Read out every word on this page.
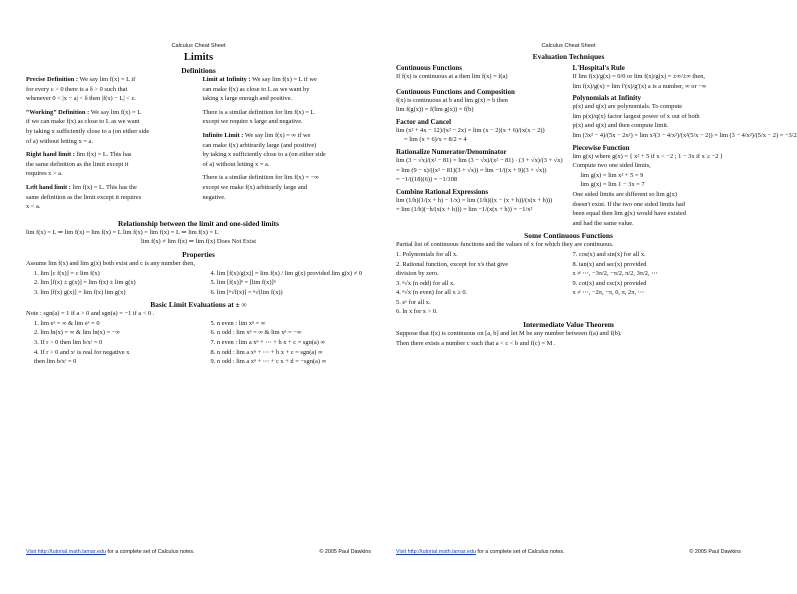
Calculus Cheat Sheet
Limits
Definitions

Precise Definition : We say lim f(x) = L if
for every ε > 0 there is a δ > 0 such that
whenever 0 < |x − a| < δ then |f(x) − L| < ε.

“Working” Definition : We say lim f(x) = L
if we can make f(x) as close to L as we want
by taking x sufficiently close to a (on either side
of a) without letting x = a.

Right hand limit : lim f(x) = L. This has
the same definition as the limit except it
requires x > a.

Left hand limit : lim f(x) = L. This has the
same definition as the limit except it requires
x < a.

Limit at Infinity : We say lim f(x) = L if we
can make f(x) as close to L as we want by
taking x large enough and positive.

There is a similar definition for lim f(x) = L
except we require x large and negative.

Infinite Limit : We say lim f(x) = ∞ if we
can make f(x) arbitrarily large (and positive)
by taking x sufficiently close to a (on either side
of a) without letting x = a.

There is a similar definition for lim f(x) = −∞
except we make f(x) arbitrarily large and
negative.

Relationship between the limit and one-sided limits
lim f(x) = L ⇒ lim f(x) = lim f(x) = L lim f(x) = lim f(x) = L ⇒ lim f(x) = L
lim f(x) ≠ lim f(x) ⇒ lim f(x) Does Not Exist
Properties
Assume lim f(x) and lim g(x) both exist and c is any number then,
1. lim [c f(x)] = c lim f(x)
2. lim [f(x) ± g(x)] = lim f(x) ± lim g(x)
3. lim [f(x) g(x)] = lim f(x) lim g(x)
4. lim [f(x)/g(x)] = lim f(x) / lim g(x) provided lim g(x) ≠ 0
5. lim [f(x)]ⁿ = [lim f(x)]ⁿ
6. lim [ⁿ√f(x)] = ⁿ√(lim f(x))
Basic Limit Evaluations at ± ∞
Note : sgn(a) = 1 if a > 0 and sgn(a) = −1 if a < 0 .
1. lim eˣ = ∞ & lim eˣ = 0
2. lim ln(x) = ∞ & lim ln(x) = −∞
3. If r > 0 then lim b/xʳ = 0
4. If r > 0 and xʳ is real for negative x
then lim b/xʳ = 0
5. n even : lim xⁿ = ∞
6. n odd : lim xⁿ = ∞ & lim xⁿ = −∞
7. n even : lim a xⁿ + ⋯ + b x + c = sgn(a) ∞
8. n odd : lim a xⁿ + ⋯ + b x + c = sgn(a) ∞
9. n odd : lim a xⁿ + ⋯ + c x + d = −sgn(a) ∞
Visit http://tutorial.math.lamar.edu for a complete set of Calculus notes.	© 2005 Paul Dawkins
Calculus Cheat Sheet
Evaluation Techniques
Continuous Functions
If f(x) is continuous at a then lim f(x) = f(a)
Continuous Functions and Composition
f(x) is continuous at b and lim g(x) = b then
lim f(g(x)) = f(lim g(x)) = f(b)
Factor and Cancel
lim (x² + 4x − 12)/(x² − 2x) = lim (x − 2)(x + 6)/(x(x − 2))
= lim (x + 6)/x = 8/2 = 4
Rationalize Numerator/Denominator
lim (3 − √x)/(x² − 81) = lim (3 − √x)/(x² − 81) · (3 + √x)/(3 + √x)
= lim (9 − x)/((x² − 81)(3 + √x)) = lim −1/((x + 9)(3 + √x))
= −1/((18)(6)) = −1/108
Combine Rational Expressions
lim (1/h)(1/(x + h) − 1/x) = lim (1/h)((x − (x + h))/(x(x + h)))
= lim (1/h)(−h/(x(x + h))) = lim −1/(x(x + h)) = −1/x²
L'Hospital's Rule
If lim f(x)/g(x) = 0/0 or lim f(x)/g(x) = ±∞/±∞ then,
lim f(x)/g(x) = lim f′(x)/g′(x) a is a number, ∞ or −∞
Polynomials at Infinity
p(x) and q(x) are polynomials. To compute
lim p(x)/q(x) factor largest power of x out of both
p(x) and q(x) and then compute limit.
lim (3x² − 4)/(5x − 2x²) = lim x²(3 − 4/x²)/(x²(5/x − 2)) = lim (3 − 4/x²)/(5/x − 2) = −3/2
Piecewise Function
lim g(x) where g(x) = { x² + 5 if x < −2 ; 1 − 3x if x ≥ −2 }
Compute two one sided limits,
lim g(x) = lim x² + 5 = 9
lim g(x) = lim 1 − 3x = 7
One sided limits are different so lim g(x)
doesn't exist. If the two one sided limits had
been equal then lim g(x) would have existed
and had the same value.
Some Continuous Functions
Partial list of continuous functions and the values of x for which they are continuous.
1. Polynomials for all x.
2. Rational function, except for x's that give
division by zero.
3. ⁿ√x (n odd) for all x.
4. ⁿ√x (n even) for all x ≥ 0.
5. eˣ for all x.
6. ln x for x > 0.
7. cos(x) and sin(x) for all x.
8. tan(x) and sec(x) provided
x ≠ ⋯, −3π/2, −π/2, π/2, 3π/2, ⋯
9. cot(x) and csc(x) provided
x ≠ ⋯, −2π, −π, 0, π, 2π, ⋯
Intermediate Value Theorem
Suppose that f(x) is continuous on [a, b] and let M be any number between f(a) and f(b).
Then there exists a number c such that a < c < b and f(c) = M .
Visit http://tutorial.math.lamar.edu for a complete set of Calculus notes.	© 2005 Paul Dawkins
